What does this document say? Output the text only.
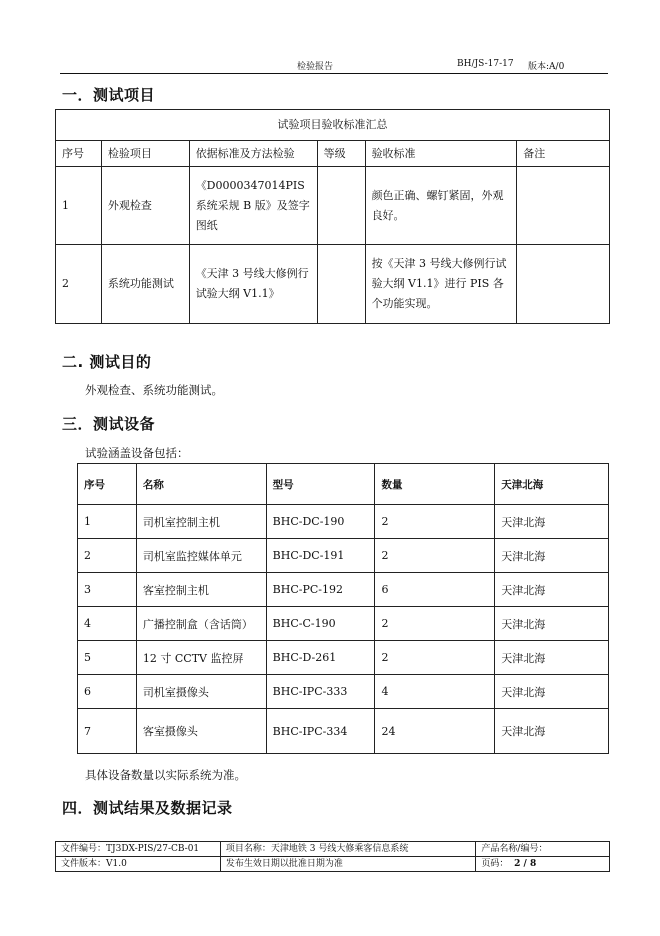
检验报告	BH/JS-17-17 版本:A/0
一．测试项目
试验项目验收标准汇总					
序号	检验项目	依据标准及方法检验	等级	验收标准	备注
1	外观检查	《D0000347014PIS 系统采规 B 版》及签字图纸		颜色正确、螺钉紧固，外观良好。	
2	系统功能测试	《天津 3 号线大修例行试验大纲 V1.1》		按《天津 3 号线大修例行试验大纲 V1.1》进行 PIS 各个功能实现。	
二. 测试目的
外观检查、系统功能测试。
三．测试设备
试验涵盖设备包括：
序号	名称	型号	数量	天津北海
1	司机室控制主机	BHC-DC-190	2	天津北海
2	司机室监控媒体单元	BHC-DC-191	2	天津北海
3	客室控制主机	BHC-PC-192	6	天津北海
4	广播控制盒（含话筒）	BHC-C-190	2	天津北海
5	12 寸 CCTV 监控屏	BHC-D-261	2	天津北海
6	司机室摄像头	BHC-IPC-333	4	天津北海
7	客室摄像头	BHC-IPC-334	24	天津北海
具体设备数量以实际系统为准。
四．测试结果及数据记录
文件编号：TJ3DX-PIS/27-CB-01	项目名称：天津地铁 3 号线大修乘客信息系统	产品名称/编号：
文件版本：V1.0	发布生效日期以批准日期为准	页码： 2 / 8
